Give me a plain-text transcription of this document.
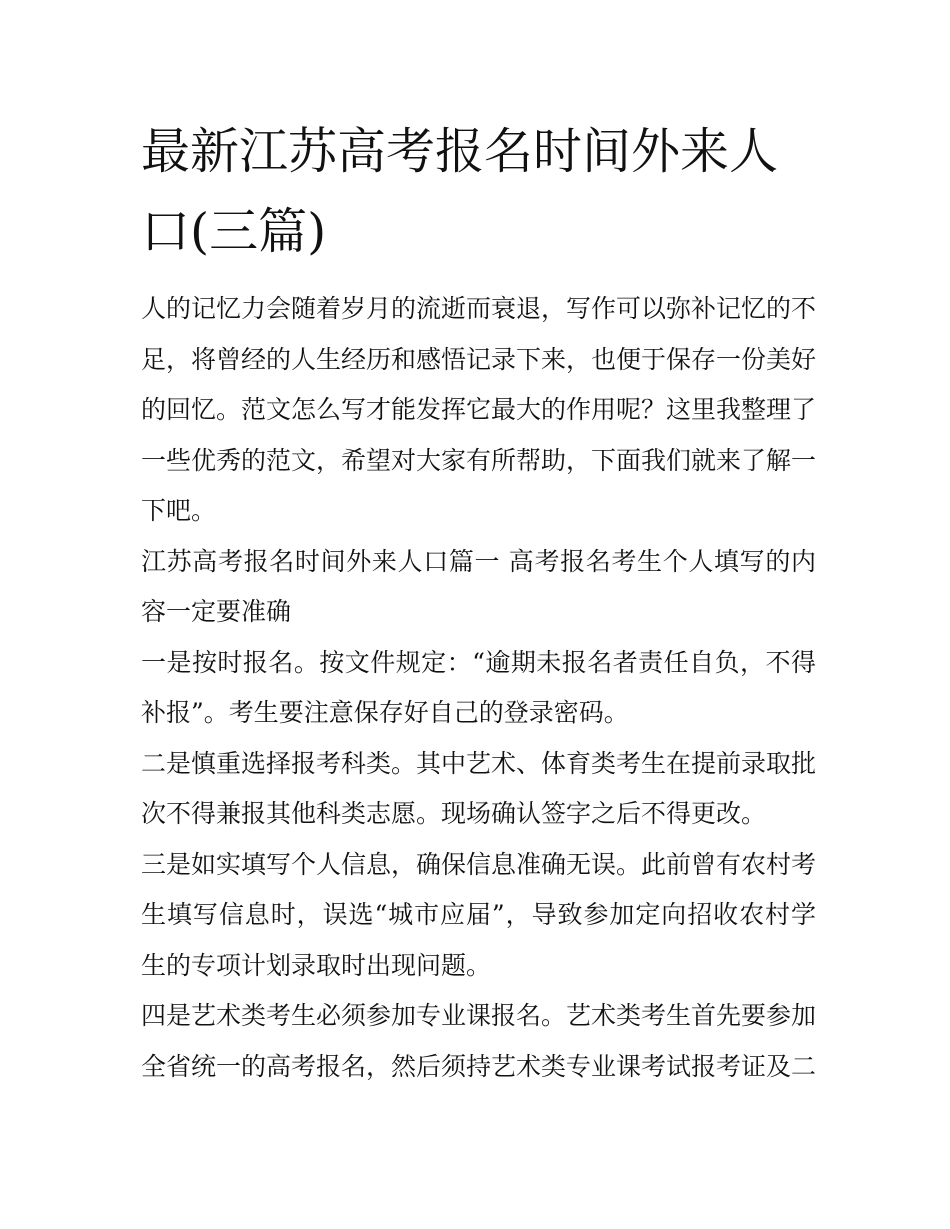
最新江苏高考报名时间外来人口(三篇)

人的记忆力会随着岁月的流逝而衰退，写作可以弥补记忆的不足，将曾经的人生经历和感悟记录下来，也便于保存一份美好的回忆。范文怎么写才能发挥它最大的作用呢？这里我整理了一些优秀的范文，希望对大家有所帮助，下面我们就来了解一下吧。

江苏高考报名时间外来人口篇一 高考报名考生个人填写的内容一定要准确

一是按时报名。按文件规定：“逾期未报名者责任自负，不得补报”。考生要注意保存好自己的登录密码。

二是慎重选择报考科类。其中艺术、体育类考生在提前录取批次不得兼报其他科类志愿。现场确认签字之后不得更改。

三是如实填写个人信息，确保信息准确无误。此前曾有农村考生填写信息时，误选“城市应届”，导致参加定向招收农村学生的专项计划录取时出现问题。

四是艺术类考生必须参加专业课报名。艺术类考生首先要参加全省统一的高考报名，然后须持艺术类专业课考试报考证及二
